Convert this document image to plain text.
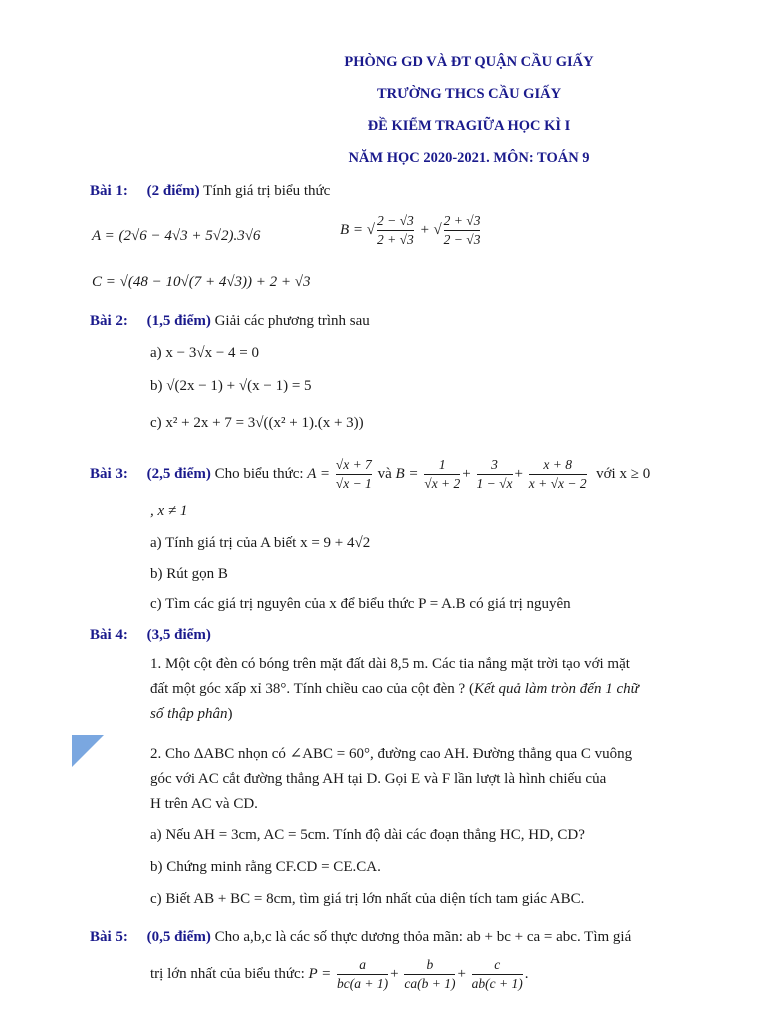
PHÒNG GD VÀ ĐT QUẬN CẦU GIẤY
TRƯỜNG THCS CẦU GIẤY
ĐỀ KIỂM TRAGIỮA HỌC KÌ I
NĂM HỌC 2020-2021. MÔN: TOÁN 9
Bài 1: (2 điểm) Tính giá trị biểu thức
A = (2√6 − 4√3 + 5√2).3√6	B = √ $\frac{2 - √3}{2 + √3}$ + √ $\frac{2 + √3}{2 - √3}$
C = √(48 − 10√(7 + 4√3)) + 2 + √3
Bài 2: (1,5 điểm) Giải các phương trình sau
a) x − 3√x − 4 = 0
b) √(2x − 1) + √(x − 1) = 5
c) x² + 2x + 7 = 3√((x² + 1).(x + 3))
Bài 3: (2,5 điểm) Cho biểu thức: $A = \frac{√x + 7}{√x - 1}$ và $B = \frac{1}{√x + 2} + \frac{3}{1 - √x} + \frac{x + 8}{x + √x - 2}$ với x ≥ 0
, x ≠ 1
a) Tính giá trị của A biết x = 9 + 4√2
b) Rút gọn B
c) Tìm các giá trị nguyên của x để biểu thức P = A.B có giá trị nguyên
Bài 4: (3,5 điểm)
1. Một cột đèn có bóng trên mặt đất dài 8,5 m. Các tia nắng mặt trời tạo với mặt
đất một góc xấp xỉ 38°. Tính chiều cao của cột đèn ? (Kết quả làm tròn đến 1 chữ
số thập phân)
2. Cho ΔABC nhọn có ∠ABC = 60°, đường cao AH. Đường thẳng qua C vuông
góc với AC cắt đường thẳng AH tại D. Gọi E và F lần lượt là hình chiếu của
H trên AC và CD.
a) Nếu AH = 3cm, AC = 5cm. Tính độ dài các đoạn thẳng HC, HD, CD?
b) Chứng minh rằng CF.CD = CE.CA.
c) Biết AB + BC = 8cm, tìm giá trị lớn nhất của diện tích tam giác ABC.
Bài 5: (0,5 điểm) Cho a,b,c là các số thực dương thỏa mãn: ab + bc + ca = abc. Tìm giá
trị lớn nhất của biểu thức: $P = \frac{a}{bc(a + 1)} + \frac{b}{ca(b + 1)} + \frac{c}{ab(c + 1)}$ .
